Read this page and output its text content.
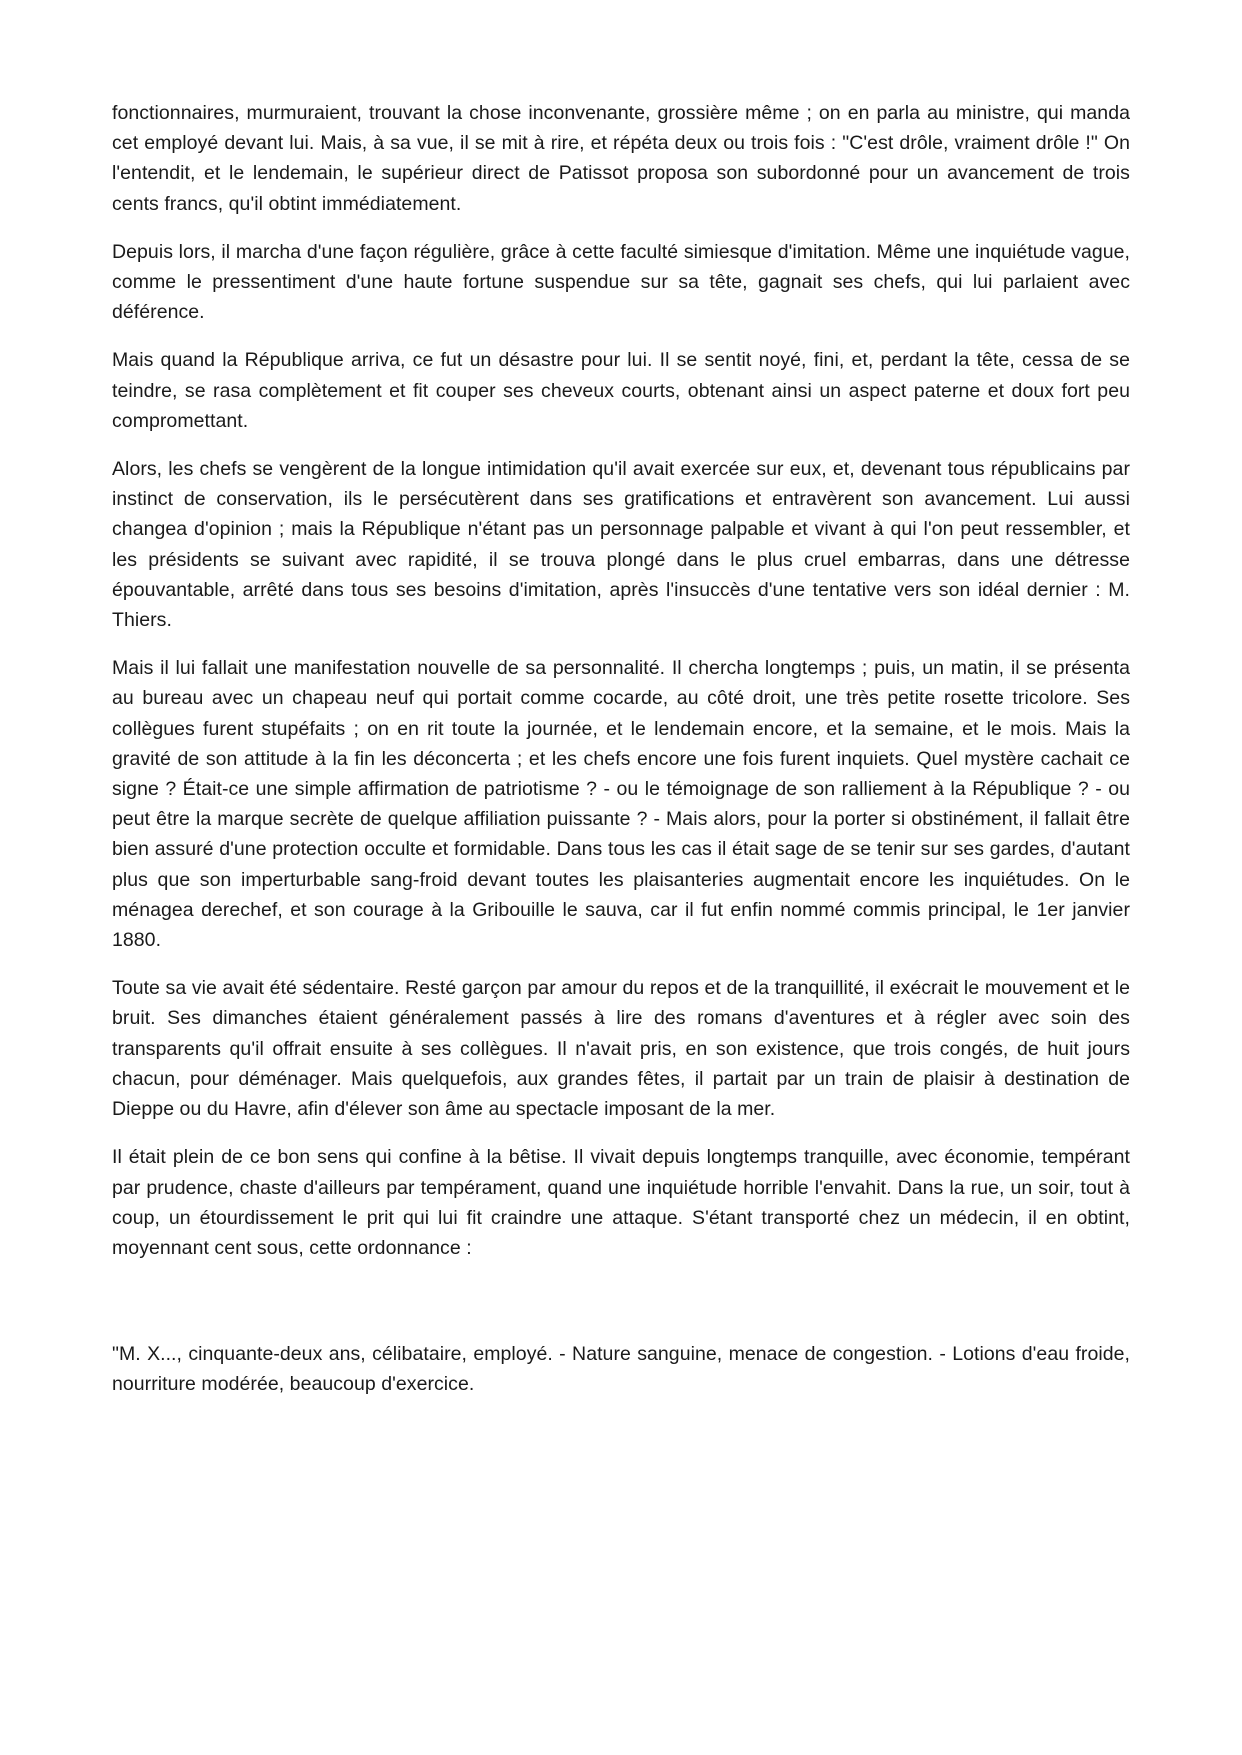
fonctionnaires, murmuraient, trouvant la chose inconvenante, grossière même ; on en parla au ministre, qui manda cet employé devant lui. Mais, à sa vue, il se mit à rire, et répéta deux ou trois fois : "C'est drôle, vraiment drôle !" On l'entendit, et le lendemain, le supérieur direct de Patissot proposa son subordonné pour un avancement de trois cents francs, qu'il obtint immédiatement.

Depuis lors, il marcha d'une façon régulière, grâce à cette faculté simiesque d'imitation. Même une inquiétude vague, comme le pressentiment d'une haute fortune suspendue sur sa tête, gagnait ses chefs, qui lui parlaient avec déférence.

Mais quand la République arriva, ce fut un désastre pour lui. Il se sentit noyé, fini, et, perdant la tête, cessa de se teindre, se rasa complètement et fit couper ses cheveux courts, obtenant ainsi un aspect paterne et doux fort peu compromettant.

Alors, les chefs se vengèrent de la longue intimidation qu'il avait exercée sur eux, et, devenant tous républicains par instinct de conservation, ils le persécutèrent dans ses gratifications et entravèrent son avancement. Lui aussi changea d'opinion ; mais la République n'étant pas un personnage palpable et vivant à qui l'on peut ressembler, et les présidents se suivant avec rapidité, il se trouva plongé dans le plus cruel embarras, dans une détresse épouvantable, arrêté dans tous ses besoins d'imitation, après l'insuccès d'une tentative vers son idéal dernier : M. Thiers.

Mais il lui fallait une manifestation nouvelle de sa personnalité. Il chercha longtemps ; puis, un matin, il se présenta au bureau avec un chapeau neuf qui portait comme cocarde, au côté droit, une très petite rosette tricolore. Ses collègues furent stupéfaits ; on en rit toute la journée, et le lendemain encore, et la semaine, et le mois. Mais la gravité de son attitude à la fin les déconcerta ; et les chefs encore une fois furent inquiets. Quel mystère cachait ce signe ? Était-ce une simple affirmation de patriotisme ? - ou le témoignage de son ralliement à la République ? - ou peut être la marque secrète de quelque affiliation puissante ? - Mais alors, pour la porter si obstinément, il fallait être bien assuré d'une protection occulte et formidable. Dans tous les cas il était sage de se tenir sur ses gardes, d'autant plus que son imperturbable sang-froid devant toutes les plaisanteries augmentait encore les inquiétudes. On le ménagea derechef, et son courage à la Gribouille le sauva, car il fut enfin nommé commis principal, le 1er janvier 1880.

Toute sa vie avait été sédentaire. Resté garçon par amour du repos et de la tranquillité, il exécrait le mouvement et le bruit. Ses dimanches étaient généralement passés à lire des romans d'aventures et à régler avec soin des transparents qu'il offrait ensuite à ses collègues. Il n'avait pris, en son existence, que trois congés, de huit jours chacun, pour déménager. Mais quelquefois, aux grandes fêtes, il partait par un train de plaisir à destination de Dieppe ou du Havre, afin d'élever son âme au spectacle imposant de la mer.

Il était plein de ce bon sens qui confine à la bêtise. Il vivait depuis longtemps tranquille, avec économie, tempérant par prudence, chaste d'ailleurs par tempérament, quand une inquiétude horrible l'envahit. Dans la rue, un soir, tout à coup, un étourdissement le prit qui lui fit craindre une attaque. S'étant transporté chez un médecin, il en obtint, moyennant cent sous, cette ordonnance :

"M. X..., cinquante-deux ans, célibataire, employé. - Nature sanguine, menace de congestion. - Lotions d'eau froide, nourriture modérée, beaucoup d'exercice.
